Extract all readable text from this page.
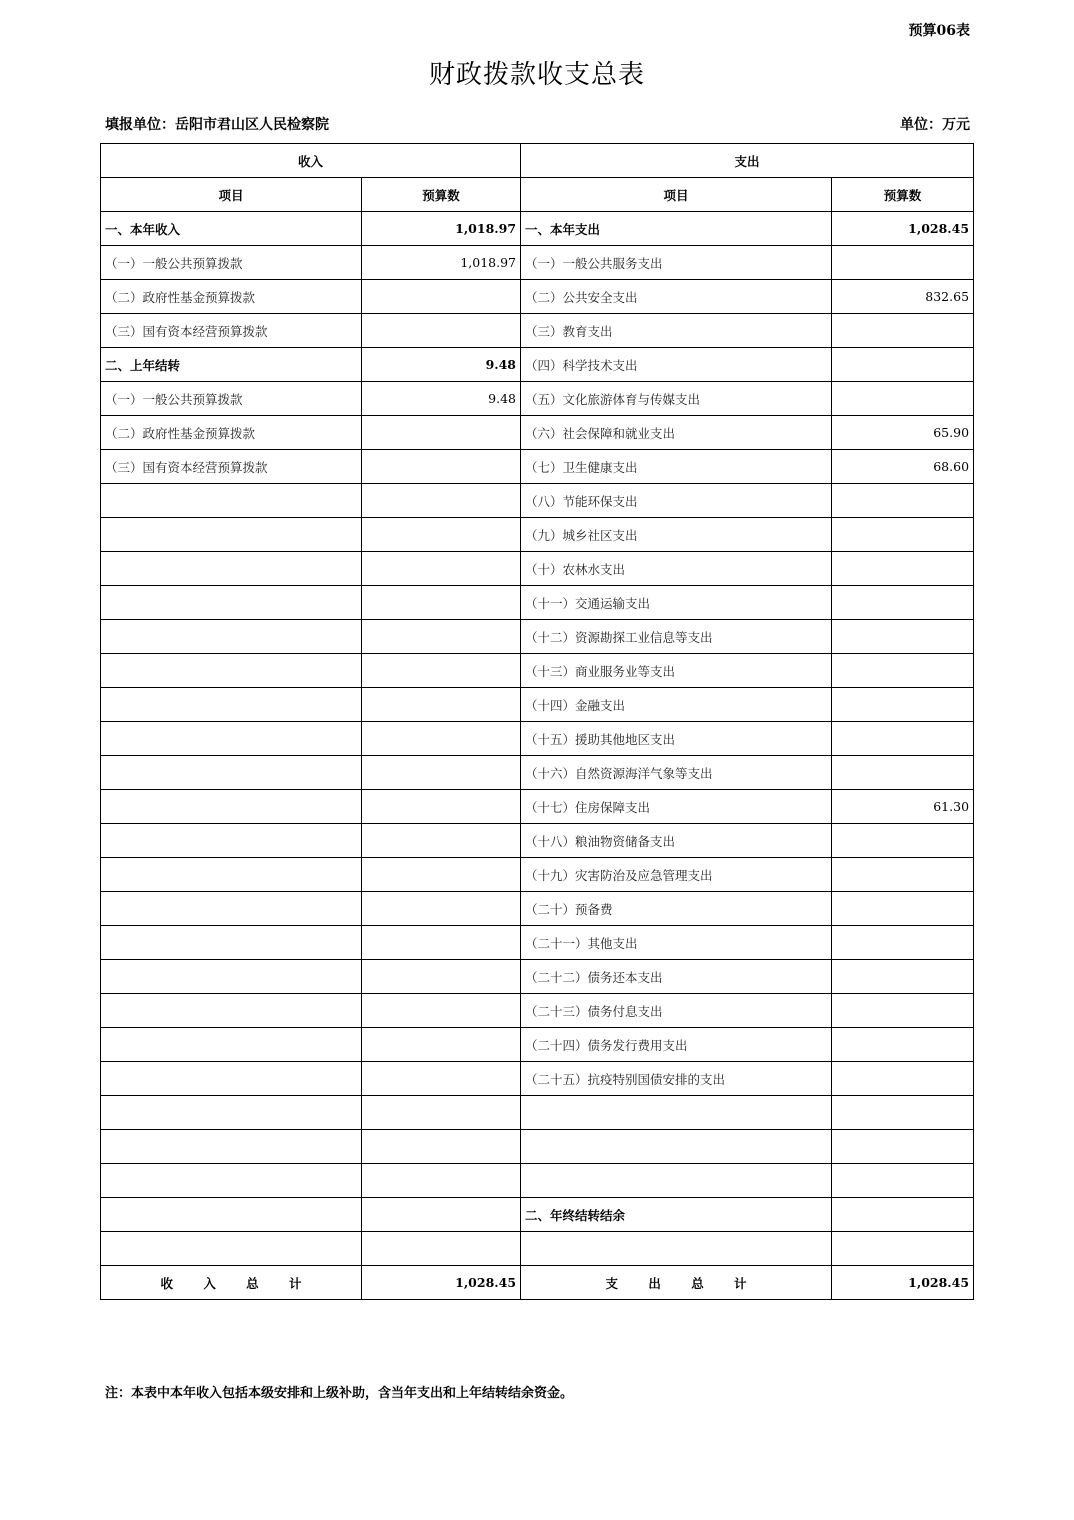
预算06表
财政拨款收支总表
填报单位：岳阳市君山区人民检察院	单位：万元
收入		支出	
项目	预算数	项目	预算数
一、本年收入	1,018.97	一、本年支出	1,028.45
（一）一般公共预算拨款	1,018.97	（一）一般公共服务支出	
（二）政府性基金预算拨款		（二）公共安全支出	832.65
（三）国有资本经营预算拨款		（三）教育支出	
二、上年结转	9.48	（四）科学技术支出	
（一）一般公共预算拨款	9.48	（五）文化旅游体育与传媒支出	
（二）政府性基金预算拨款		（六）社会保障和就业支出	65.90
（三）国有资本经营预算拨款		（七）卫生健康支出	68.60
		（八）节能环保支出	
		（九）城乡社区支出	
		（十）农林水支出	
		（十一）交通运输支出	
		（十二）资源勘探工业信息等支出	
		（十三）商业服务业等支出	
		（十四）金融支出	
		（十五）援助其他地区支出	
		（十六）自然资源海洋气象等支出	
		（十七）住房保障支出	61.30
		（十八）粮油物资储备支出	
		（十九）灾害防治及应急管理支出	
		（二十）预备费	
		（二十一）其他支出	
		（二十二）债务还本支出	
		（二十三）债务付息支出	
		（二十四）债务发行费用支出	
		（二十五）抗疫特别国债安排的支出	

		二、年终结转结余	

收 入 总 计	1,028.45	支 出 总 计	1,028.45
注：本表中本年收入包括本级安排和上级补助，含当年支出和上年结转结余资金。
